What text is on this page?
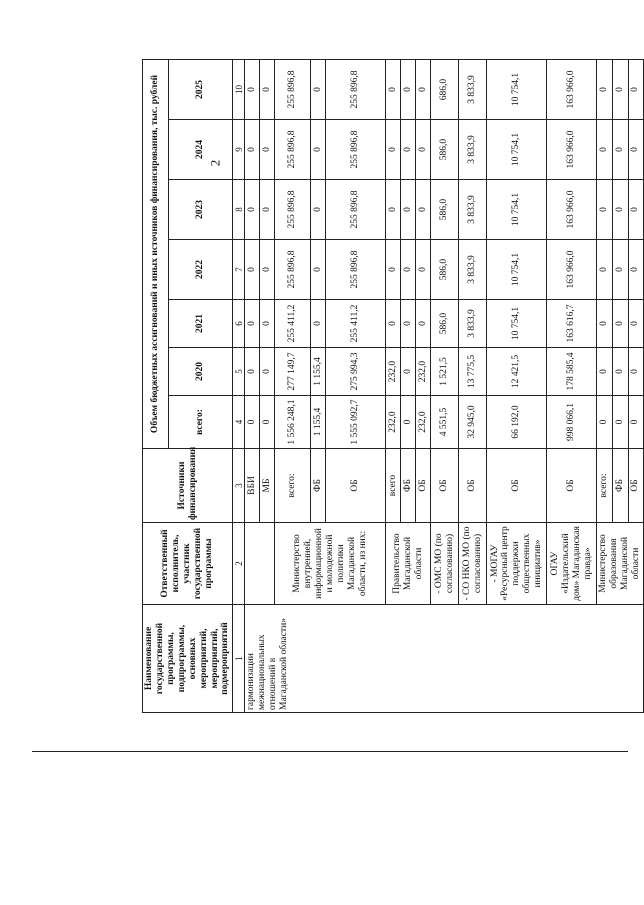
2
Наименование государственной программы, подпрограммы, основных мероприятий, мероприятий, подмероприятий	Ответственный исполнитель, участник государственной программы	Источники финансирования	Объем бюджетных ассигнований и иных источников финансирования, тыс. рублей						
			всего:	2020	2021	2022	2023	2024	2025
1	2	3	4	5	6	7	8	9	10
гармонизации межнациональных отношений в Магаданской области»		ВБИ	0	0	0	0	0	0	0
		МБ	0	0	0	0	0	0	0
	Министерство внутренней, информационной и молодежной политики Магаданской области, из них:	всего:	1 556 248,1	277 149,7	255 411,2	255 896,8	255 896,8	255 896,8	255 896,8
		ФБ	1 155,4	1 155,4	0	0	0	0	0
		ОБ	1 555 092,7	275 994,3	255 411,2	255 896,8	255 896,8	255 896,8	255 896,8
	Правительство Магаданской области	всего	232,0	232,0	0	0	0	0	0
		ФБ	0	0	0	0	0	0	0
		ОБ	232,0	232,0	0	0	0	0	0
	- ОМС МО (по согласованию)	ОБ	4 551,5	1 521,5	586,0	586,0	586,0	586,0	686,0
	- СО НКО МО (по согласованию)	ОБ	32 945,0	13 775,5	3 833,9	3 833,9	3 833,9	3 833,9	3 833,9
	- МОГАУ «Ресурсный центр поддержки общественных инициатив»	ОБ	66 192,0	12 421,5	10 754,1	10 754,1	10 754,1	10 754,1	10 754,1
	ОГАУ «Издательский дом» Магаданская правда»	ОБ	998 066,1	178 585,4	163 616,7	163 966,0	163 966,0	163 966,0	163 966,0
	Министерство образования Магаданской области	всего:	0	0	0	0	0	0	0
		ФБ	0	0	0	0	0	0	0
		ОБ	0	0	0	0	0	0	0
